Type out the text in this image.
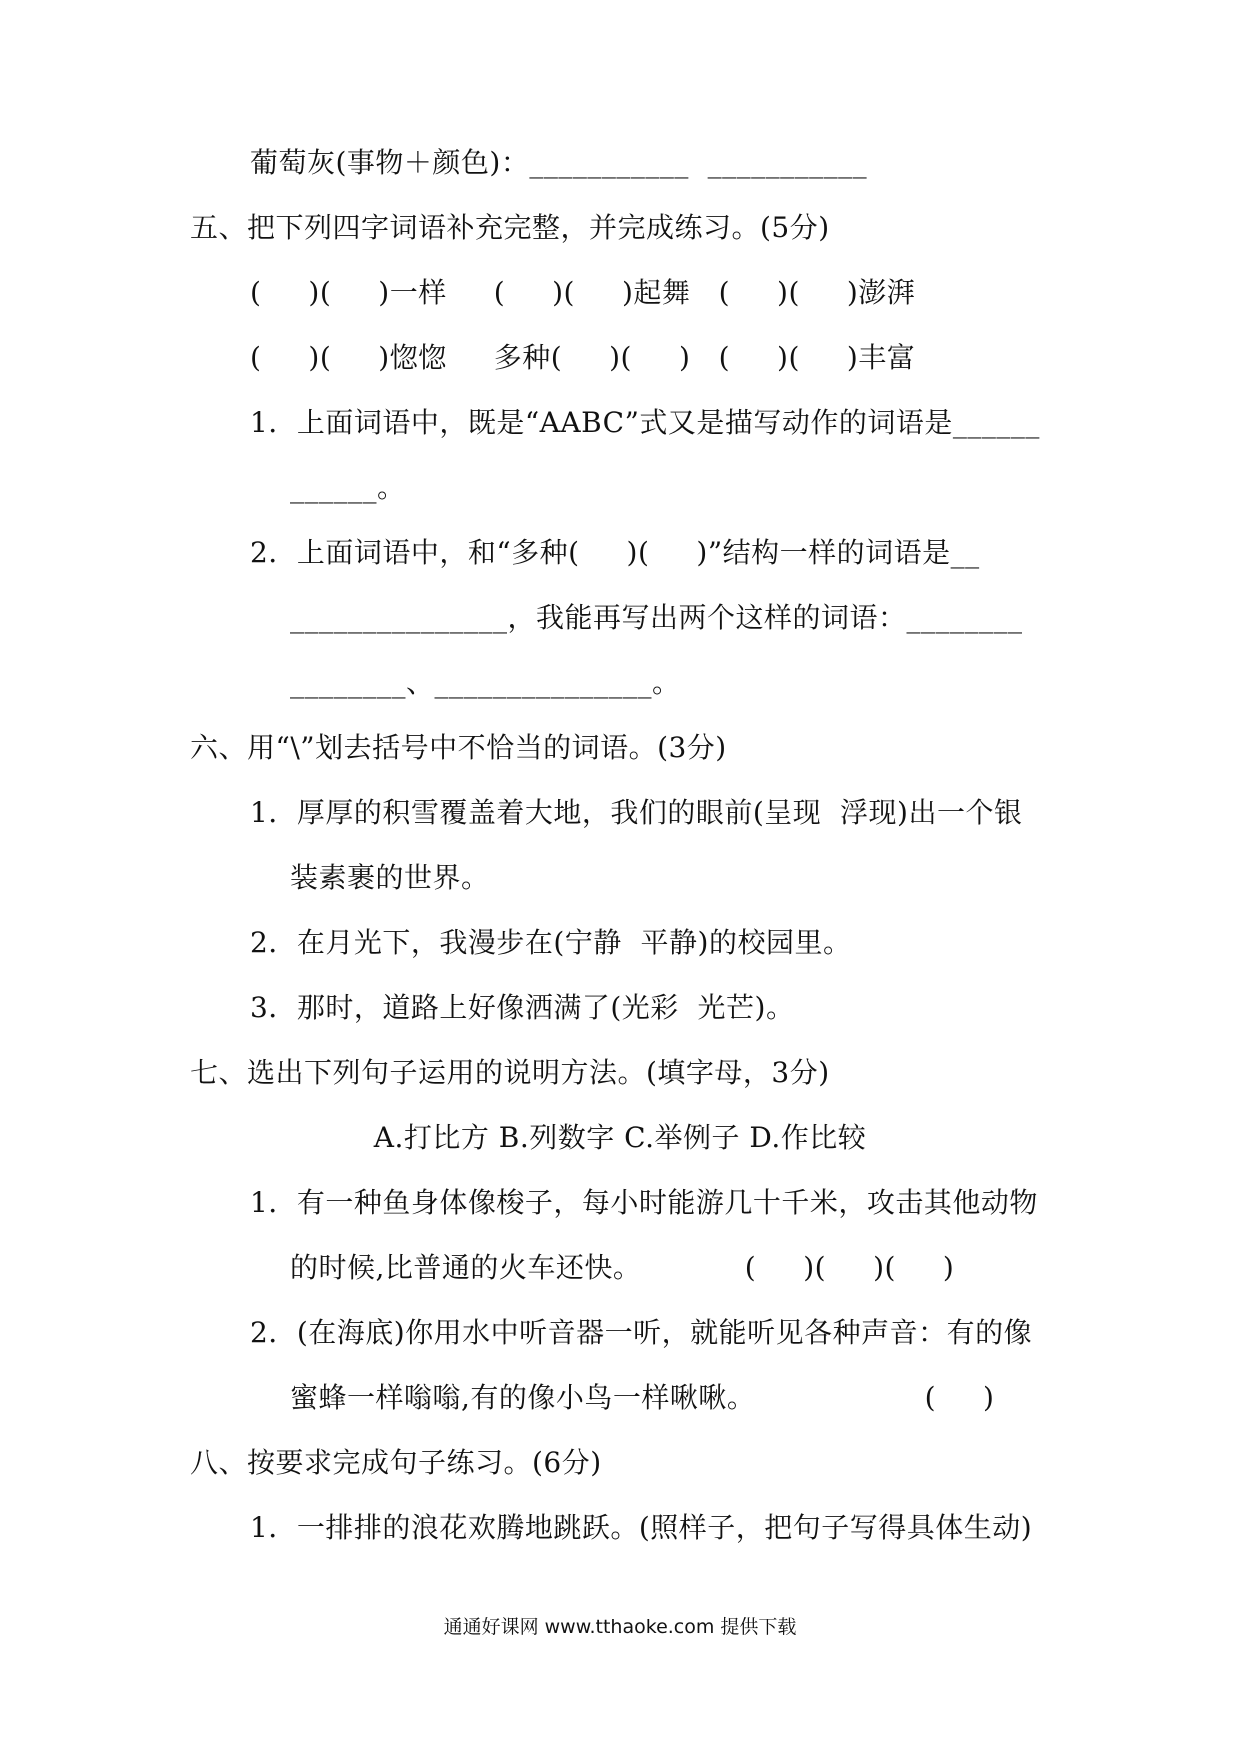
葡萄灰(事物＋颜色)：___________  ___________
五、把下列四字词语补充完整，并完成练习。(5分)
(     )(     )一样     (     )(     )起舞   (     )(     )澎湃
(     )(     )惚惚     多种(     )(     )   (     )(     )丰富
1．上面词语中，既是“AABC”式又是描写动作的词语是______
______。
2．上面词语中，和“多种(     )(     )”结构一样的词语是__
_______________，我能再写出两个这样的词语：________
________、_______________。
六、用“\”划去括号中不恰当的词语。(3分)
1．厚厚的积雪覆盖着大地，我们的眼前(呈现  浮现)出一个银
装素裹的世界。
2．在月光下，我漫步在(宁静  平静)的校园里。
3．那时，道路上好像洒满了(光彩  光芒)。
七、选出下列句子运用的说明方法。(填字母，3分)
A.打比方 B.列数字 C.举例子 D.作比较
1．有一种鱼身体像梭子，每小时能游几十千米，攻击其他动物
的时候,比普通的火车还快。           (     )(     )(     )
2．(在海底)你用水中听音器一听，就能听见各种声音：有的像
蜜蜂一样嗡嗡,有的像小鸟一样啾啾。                  (     )
八、按要求完成句子练习。(6分)
1．一排排的浪花欢腾地跳跃。(照样子，把句子写得具体生动)
通通好课网 www.tthaoke.com 提供下载
